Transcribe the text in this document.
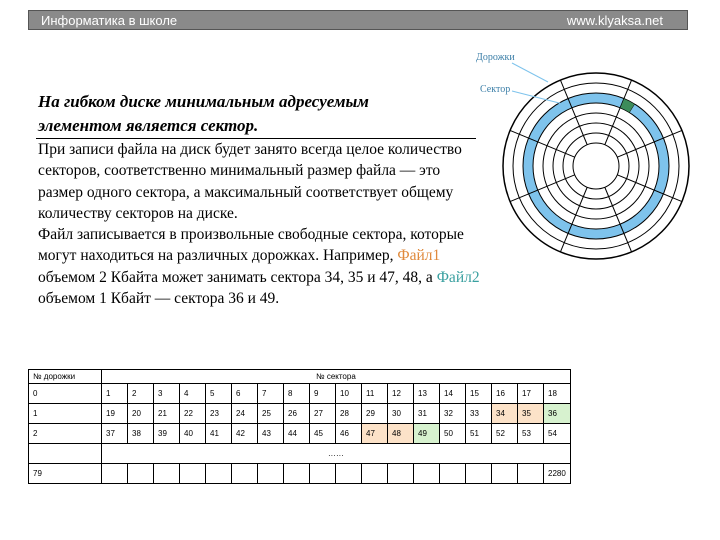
Информатика в школе	www.klyaksa.net
На гибком диске минимальным адресуемым
элементом является сектор.
При записи файла на диск будет занято всегда целое количество секторов, соответственно минимальный размер файла — это размер одного сектора, а максимальный соответствует общему количеству секторов на диске.
Файл записывается в произвольные свободные сектора, которые могут находиться на различных дорожках. Например, Файл1 объемом 2 Кбайта может занимать сектора 34, 35 и 47, 48, а Файл2 объемом 1 Кбайт — сектора 36 и 49.
Дорожки
Сектор
№ дорожки	№ сектора																	
0	1	2	3	4	5	6	7	8	9	10	11	12	13	14	15	16	17	18
1	19	20	21	22	23	24	25	26	27	28	29	30	31	32	33	34	35	36
2	37	38	39	40	41	42	43	44	45	46	47	48	49	50	51	52	53	54
	……																	
79																		2280
